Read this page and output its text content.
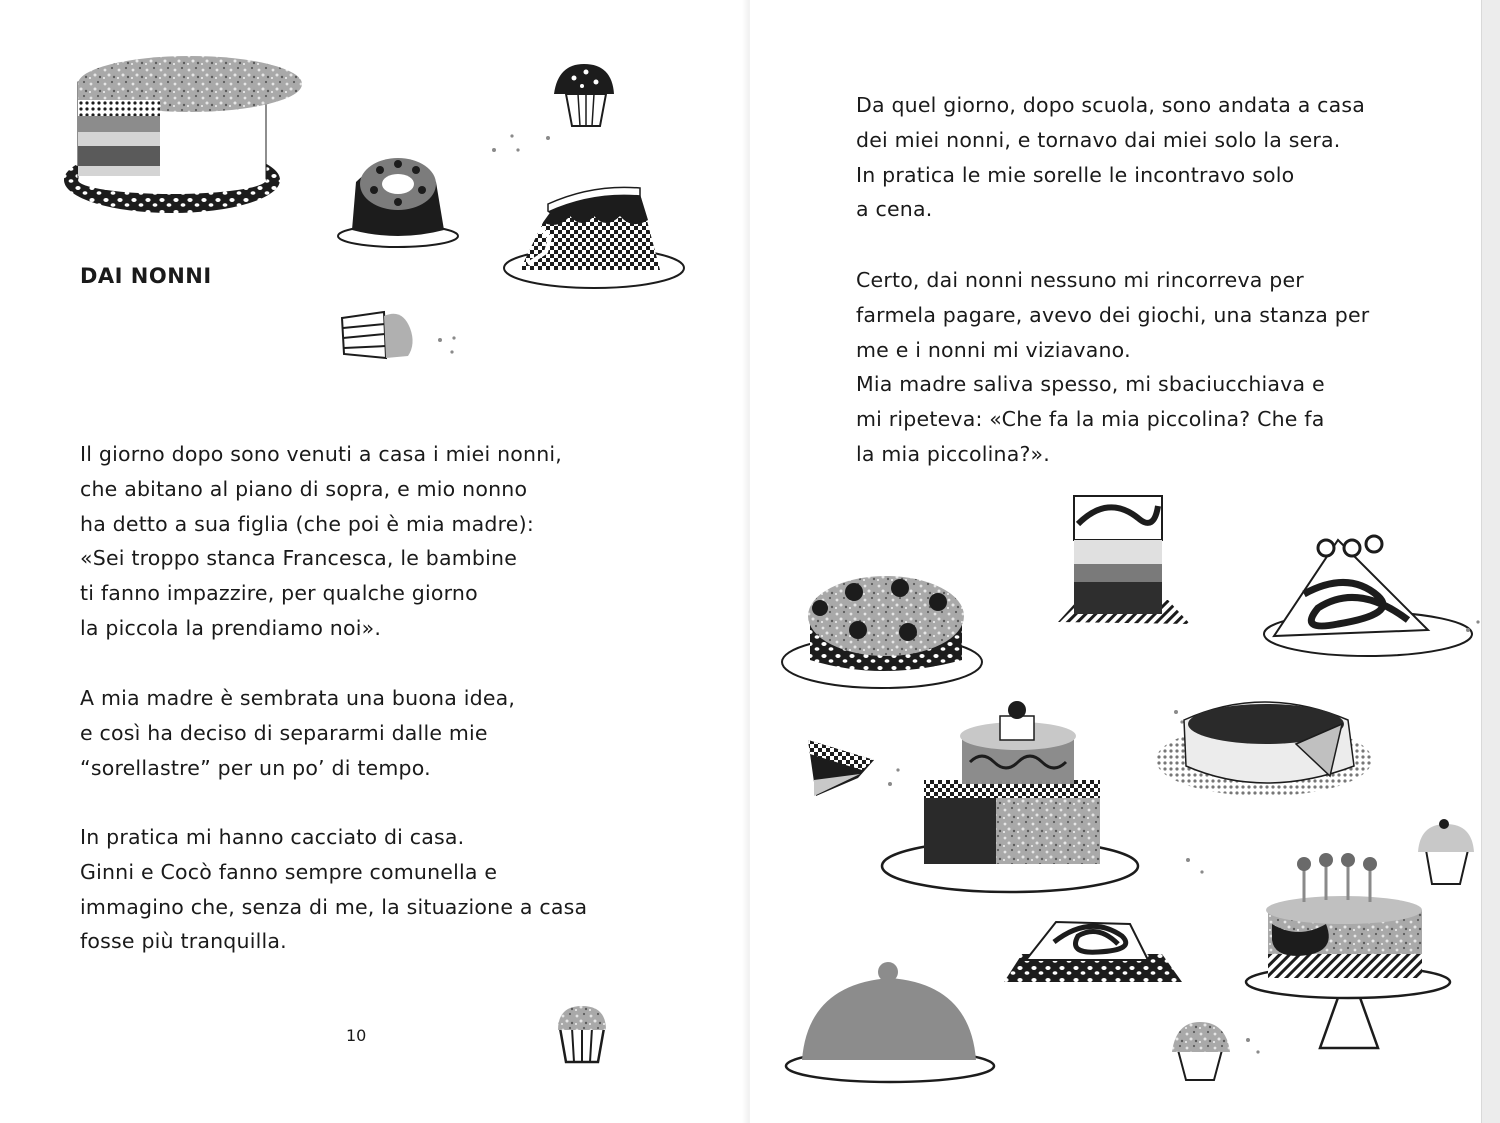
DAI NONNI

Il giorno dopo sono venuti a casa i miei nonni,
che abitano al piano di sopra, e mio nonno
ha detto a sua figlia (che poi è mia madre):
«Sei troppo stanca Francesca, le bambine
ti fanno impazzire, per qualche giorno
la piccola la prendiamo noi».

A mia madre è sembrata una buona idea,
e così ha deciso di separarmi dalle mie
“sorellastre” per un po’ di tempo.

In pratica mi hanno cacciato di casa.
Ginni e Cocò fanno sempre comunella e
immagino che, senza di me, la situazione a casa
fosse più tranquilla.

10

Da quel giorno, dopo scuola, sono andata a casa
dei miei nonni, e tornavo dai miei solo la sera.
In pratica le mie sorelle le incontravo solo
a cena.

Certo, dai nonni nessuno mi rincorreva per
farmela pagare, avevo dei giochi, una stanza per
me e i nonni mi viziavano.
Mia madre saliva spesso, mi sbaciucchiava e
mi ripeteva: «Che fa la mia piccolina? Che fa
la mia piccolina?».
